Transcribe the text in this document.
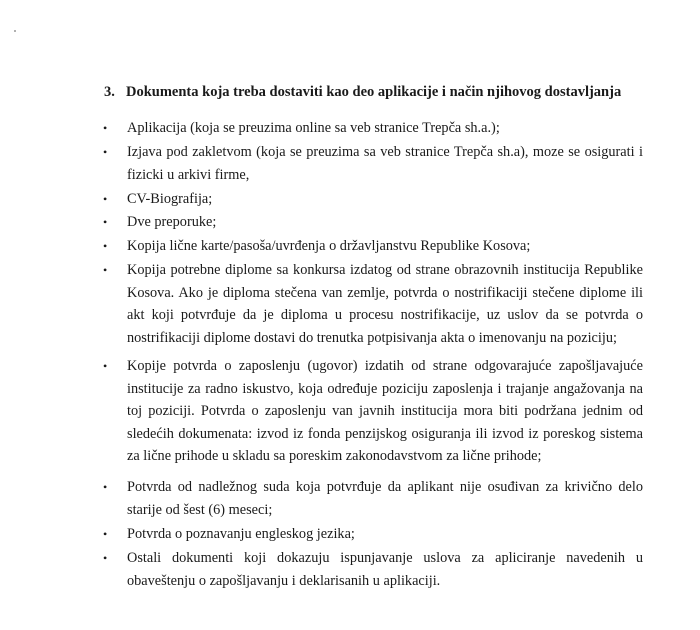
3. Dokumenta koja treba dostaviti kao deo aplikacije i način njihovog dostavljanja
• Aplikacija (koja se preuzima online sa veb stranice Trepča sh.a.);
• Izjava pod zakletvom (koja se preuzima sa veb stranice Trepča sh.a), moze se osigurati i fizicki u arkivi firme,
• CV-Biografija;
• Dve preporuke;
• Kopija lične karte/pasoša/uvrđenja o državljanstvu Republike Kosova;
• Kopija potrebne diplome sa konkursa izdatog od strane obrazovnih institucija Republike Kosova. Ako je diploma stečena van zemlje, potvrda o nostrifikaciji stečene diplome ili akt koji potvrđuje da je diploma u procesu nostrifikacije, uz uslov da se potvrda o nostrifikaciji diplome dostavi do trenutka potpisivanja akta o imenovanju na poziciju;
• Kopije potvrda o zaposlenju (ugovor) izdatih od strane odgovarajuće zapošljavajuće institucije za radno iskustvo, koja određuje poziciju zaposlenja i trajanje angažovanja na toj poziciji. Potvrda o zaposlenju van javnih institucija mora biti podržana jednim od sledećih dokumenata: izvod iz fonda penzijskog osiguranja ili izvod iz poreskog sistema za lične prihode u skladu sa poreskim zakonodavstvom za lične prihode;
• Potvrda od nadležnog suda koja potvrđuje da aplikant nije osuđivan za krivično delo starije od šest (6) meseci;
• Potvrda o poznavanju engleskog jezika;
• Ostali dokumenti koji dokazuju ispunjavanje uslova za apliciranje navedenih u obaveštenju o zapošljavanju i deklarisanih u aplikaciji.
